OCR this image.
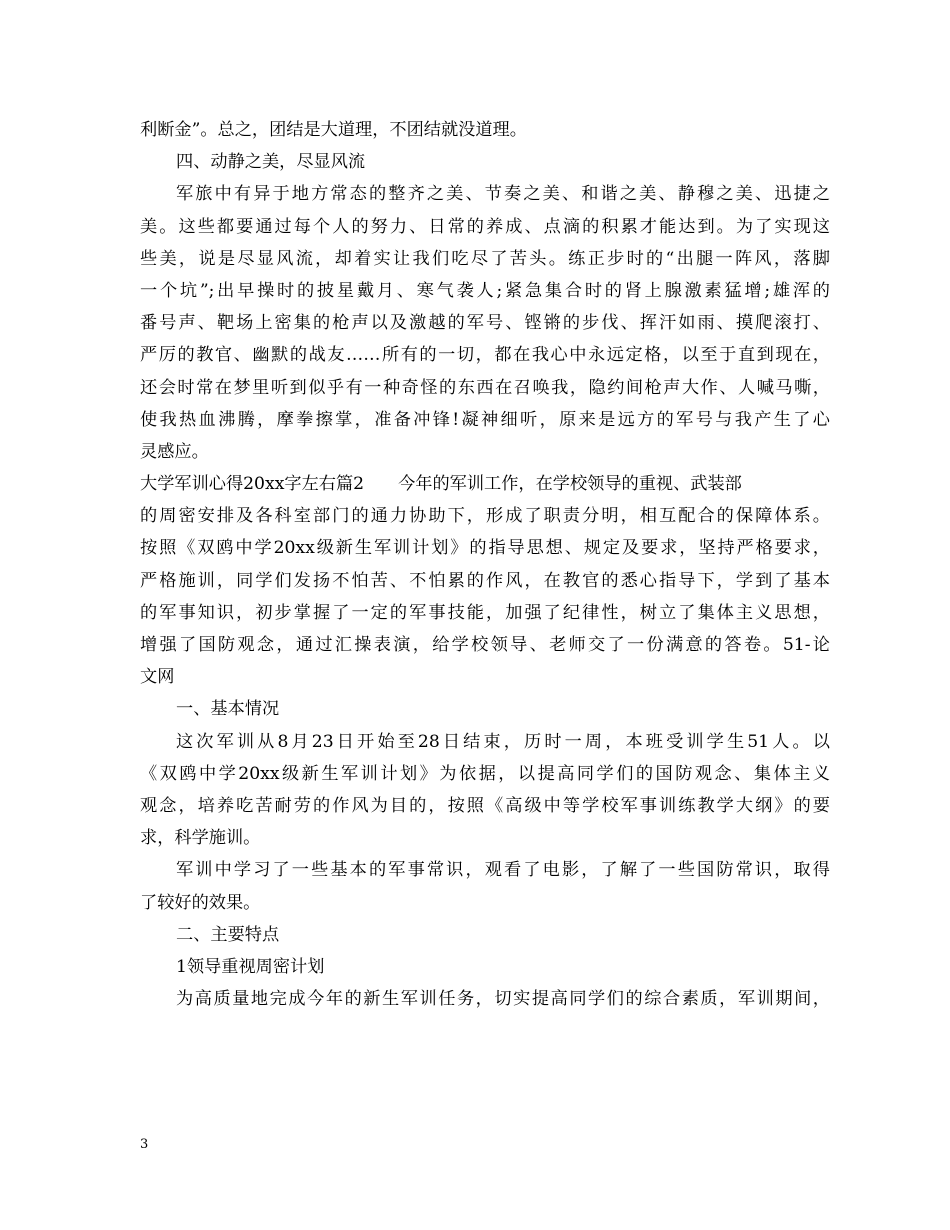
利断金”。总之，团结是大道理，不团结就没道理。
四、动静之美，尽显风流
军旅中有异于地方常态的整齐之美、节奏之美、和谐之美、静穆之美、迅捷之
美。这些都要通过每个人的努力、日常的养成、点滴的积累才能达到。为了实现这
些美，说是尽显风流，却着实让我们吃尽了苦头。练正步时的“出腿一阵风，落脚
一个坑”;出早操时的披星戴月、寒气袭人;紧急集合时的肾上腺激素猛增;雄浑的
番号声、靶场上密集的枪声以及激越的军号、铿锵的步伐、挥汗如雨、摸爬滚打、
严厉的教官、幽默的战友……所有的一切，都在我心中永远定格，以至于直到现在，
还会时常在梦里听到似乎有一种奇怪的东西在召唤我，隐约间枪声大作、人喊马嘶，
使我热血沸腾，摩拳擦掌，准备冲锋!凝神细听，原来是远方的军号与我产生了心
灵感应。
大学军训心得20xx字左右篇2 今年的军训工作，在学校领导的重视、武装部
的周密安排及各科室部门的通力协助下，形成了职责分明，相互配合的保障体系。
按照《双鸥中学20xx级新生军训计划》的指导思想、规定及要求，坚持严格要求，
严格施训，同学们发扬不怕苦、不怕累的作风，在教官的悉心指导下，学到了基本
的军事知识，初步掌握了一定的军事技能，加强了纪律性，树立了集体主义思想，
增强了国防观念，通过汇操表演，给学校领导、老师交了一份满意的答卷。51-论
文网
一、基本情况
这次军训从8月23日开始至28日结束，历时一周，本班受训学生51人。以
《双鸥中学20xx级新生军训计划》为依据，以提高同学们的国防观念、集体主义
观念，培养吃苦耐劳的作风为目的，按照《高级中等学校军事训练教学大纲》的要
求，科学施训。
军训中学习了一些基本的军事常识，观看了电影，了解了一些国防常识，取得
了较好的效果。
二、主要特点
1领导重视周密计划
为高质量地完成今年的新生军训任务，切实提高同学们的综合素质，军训期间，
3
